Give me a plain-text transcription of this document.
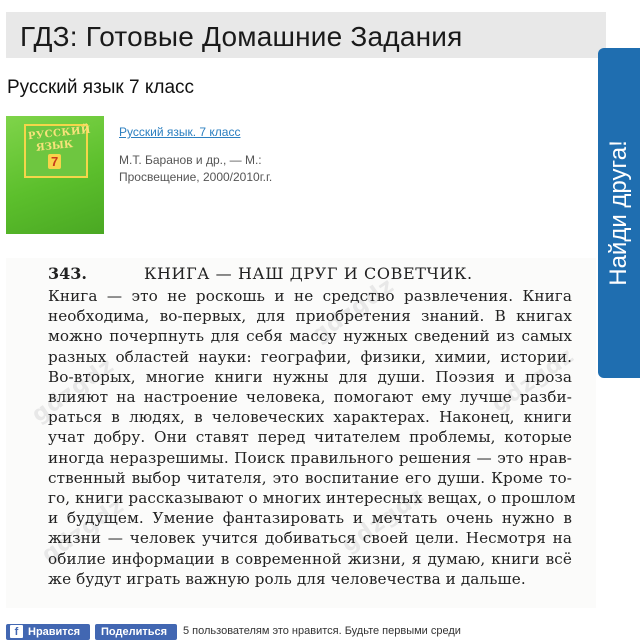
ГДЗ: Готовые Домашние Задания
Русский язык 7 класс
РУССКИЙ
ЯЗЫК
7
Русский язык. 7 класс
М.Т. Баранов и др., — М.:
Просвещение, 2000/2010г.г.
gdzgdz
gdzgdz	gdzgdz
gdzgdz	gdzgdz
343.	КНИГА — НАШ ДРУГ И СОВЕТЧИК.
Книга — это не роскошь и не средство развлечения. Книга
необходима, во-первых, для приобретения знаний. В книгах
можно почерпнуть для себя массу нужных сведений из самых
разных областей науки: географии, физики, химии, истории.
Во-вторых, многие книги нужны для души. Поэзия и проза
влияют на настроение человека, помогают ему лучше разби-
раться в людях, в человеческих характерах. Наконец, книги
учат добру. Они ставят перед читателем проблемы, которые
иногда неразрешимы. Поиск правильного решения — это нрав-
ственный выбор читателя, это воспитание его души. Кроме то-
го, книги рассказывают о многих интересных вещах, о прошлом
и будущем. Умение фантазировать и мечтать очень нужно в
жизни — человек учится добиваться своей цели. Несмотря на
обилие информации в современной жизни, я думаю, книги всё
же будут играть важную роль для человечества и дальше.
Найди друга!
f Нравится Поделиться 5 пользователям это нравится. Будьте первыми среди
